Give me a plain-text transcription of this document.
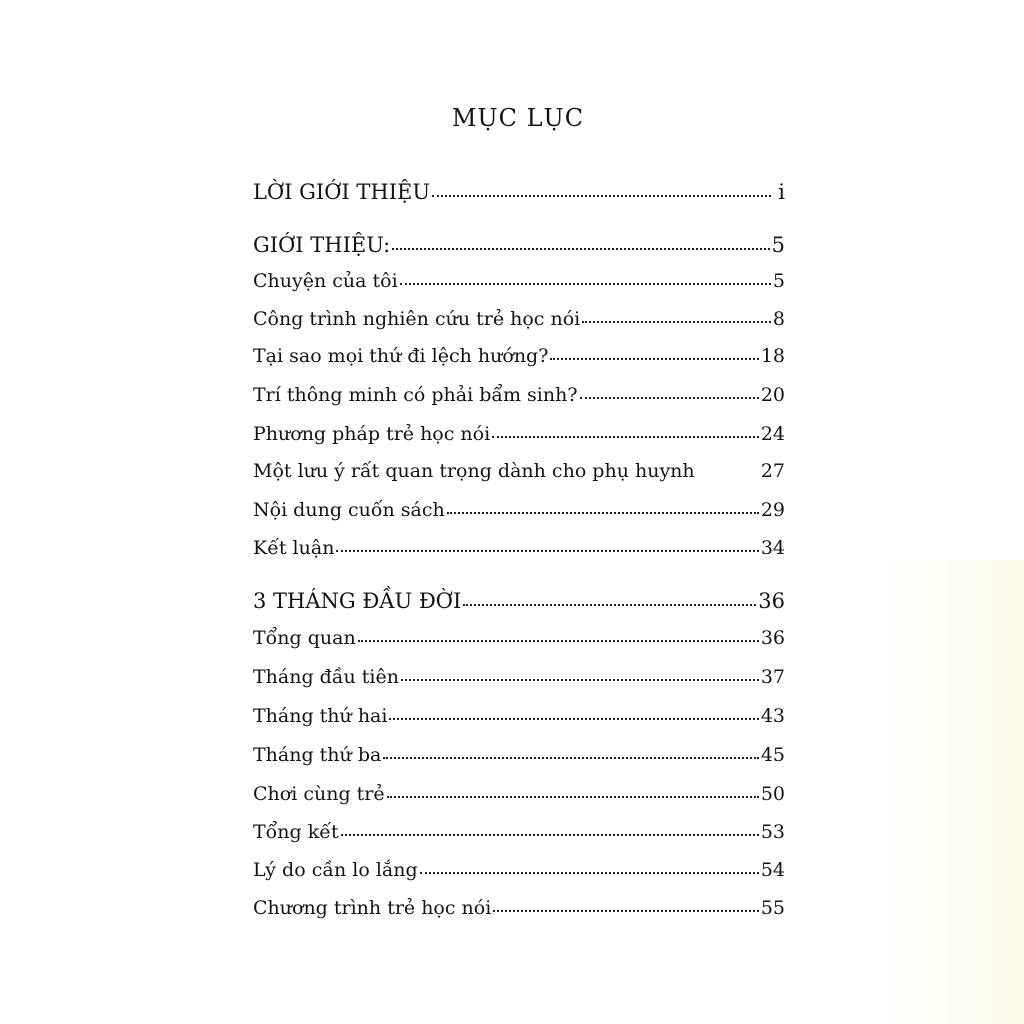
MỤC LỤC
LỜI GIỚI THIỆU	i
GIỚI THIỆU:	5
Chuyện của tôi	5
Công trình nghiên cứu trẻ học nói	8
Tại sao mọi thứ đi lệch hướng?	18
Trí thông minh có phải bẩm sinh?	20
Phương pháp trẻ học nói	24
Một lưu ý rất quan trọng dành cho phụ huynh	27
Nội dung cuốn sách	29
Kết luận	34
3 THÁNG ĐẦU ĐỜI	36
Tổng quan	36
Tháng đầu tiên	37
Tháng thứ hai	43
Tháng thứ ba	45
Chơi cùng trẻ	50
Tổng kết	53
Lý do cần lo lắng	54
Chương trình trẻ học nói	55
